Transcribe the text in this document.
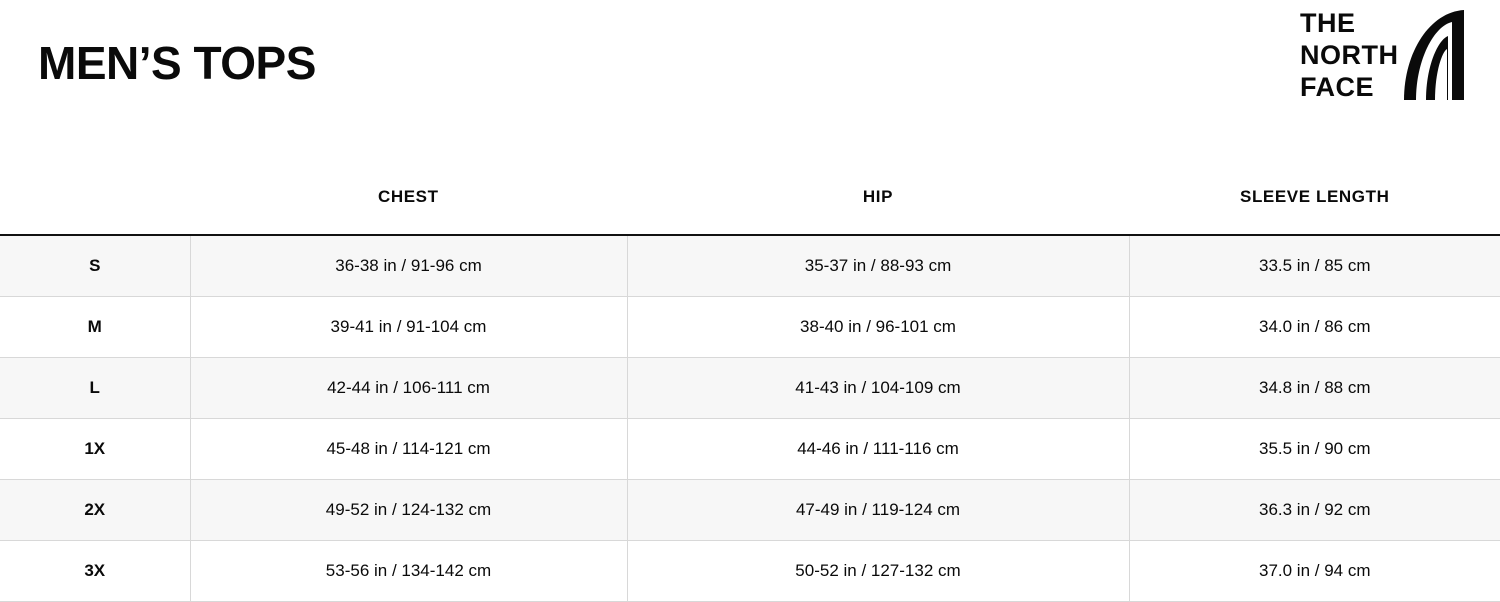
MEN’S TOPS
THE
NORTH
FACE
	CHEST	HIP	SLEEVE LENGTH
S	36-38 in / 91-96 cm	35-37 in / 88-93 cm	33.5 in / 85 cm
M	39-41 in / 91-104 cm	38-40 in / 96-101 cm	34.0 in / 86 cm
L	42-44 in / 106-111 cm	41-43 in / 104-109 cm	34.8 in / 88 cm
1X	45-48 in / 114-121 cm	44-46 in / 111-116 cm	35.5 in / 90 cm
2X	49-52 in / 124-132 cm	47-49 in / 119-124 cm	36.3 in / 92 cm
3X	53-56 in / 134-142 cm	50-52 in / 127-132 cm	37.0 in / 94 cm
